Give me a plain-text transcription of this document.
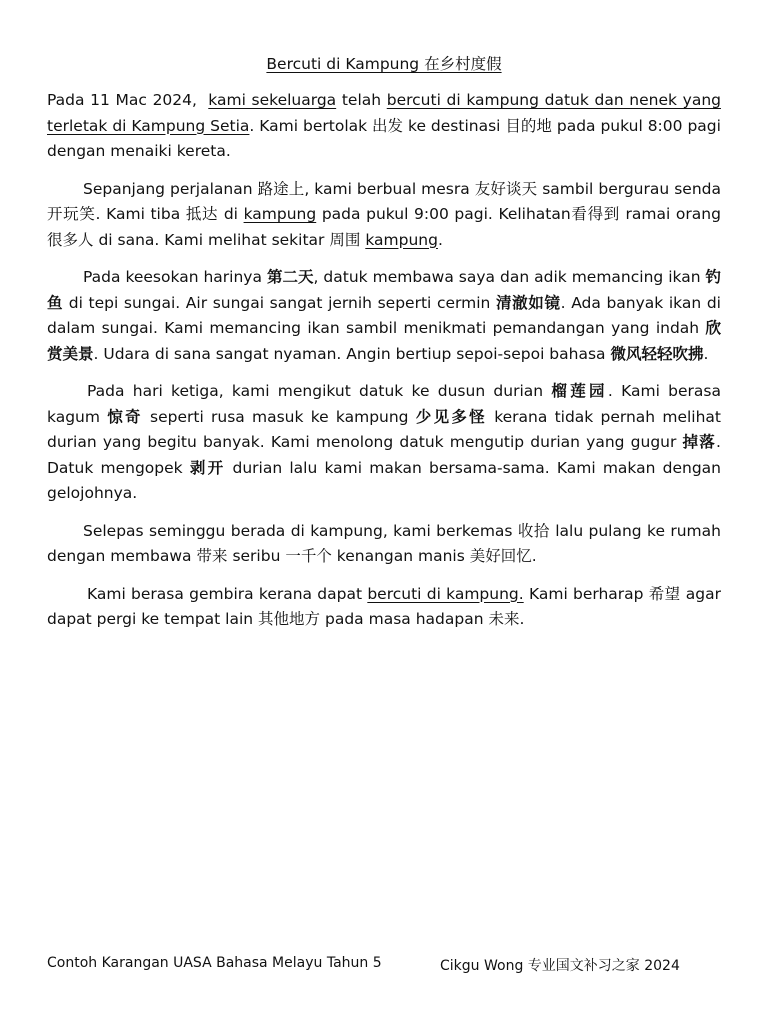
Bercuti di Kampung 在乡村度假

Pada 11 Mac 2024, kami sekeluarga telah bercuti di kampung datuk dan nenek yang terletak di Kampung Setia. Kami bertolak 出发 ke destinasi 目的地 pada pukul 8:00 pagi dengan menaiki kereta.

Sepanjang perjalanan 路途上, kami berbual mesra 友好谈天 sambil bergurau senda 开玩笑. Kami tiba 抵达 di kampung pada pukul 9:00 pagi. Kelihatan看得到 ramai orang很多人 di sana. Kami melihat sekitar 周围 kampung.

Pada keesokan harinya 第二天, datuk membawa saya dan adik memancing ikan 钓鱼 di tepi sungai. Air sungai sangat jernih seperti cermin 清澈如镜. Ada banyak ikan di dalam sungai. Kami memancing ikan sambil menikmati pemandangan yang indah 欣赏美景. Udara di sana sangat nyaman. Angin bertiup sepoi-sepoi bahasa 微风轻轻吹拂.

Pada hari ketiga, kami mengikut datuk ke dusun durian 榴莲园. Kami berasa kagum 惊奇 seperti rusa masuk ke kampung 少见多怪 kerana tidak pernah melihat durian yang begitu banyak. Kami menolong datuk mengutip durian yang gugur 掉落. Datuk mengopek 剥开 durian lalu kami makan bersama-sama. Kami makan dengan gelojohnya.

Selepas seminggu berada di kampung, kami berkemas 收拾 lalu pulang ke rumah dengan membawa 带来 seribu 一千个 kenangan manis 美好回忆.

Kami berasa gembira kerana dapat bercuti di kampung. Kami berharap 希望 agar dapat pergi ke tempat lain 其他地方 pada masa hadapan 未来.

Contoh Karangan UASA Bahasa Melayu Tahun 5	Cikgu Wong 专业国文补习之家 2024
